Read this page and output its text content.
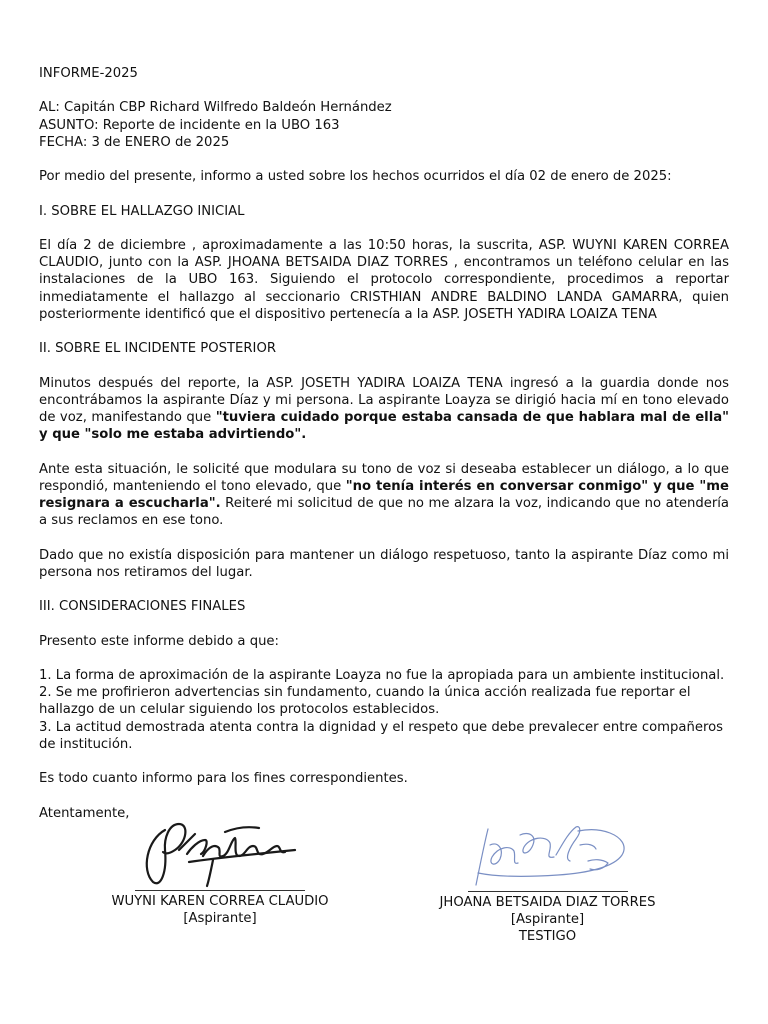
INFORME-2025

AL: Capitán CBP Richard Wilfredo Baldeón Hernández

ASUNTO: Reporte de incidente en la UBO 163

FECHA: 3 de ENERO de 2025

Por medio del presente, informo a usted sobre los hechos ocurridos el día 02 de enero de 2025:

I. SOBRE EL HALLAZGO INICIAL

El día 2 de diciembre , aproximadamente a las 10:50 horas, la suscrita, ASP. WUYNI KAREN CORREA CLAUDIO, junto con la ASP. JHOANA BETSAIDA DIAZ TORRES , encontramos un teléfono celular en las instalaciones de la UBO 163. Siguiendo el protocolo correspondiente, procedimos a reportar inmediatamente el hallazgo al seccionario CRISTHIAN ANDRE BALDINO LANDA GAMARRA, quien posteriormente identificó que el dispositivo pertenecía a la ASP. JOSETH YADIRA LOAIZA TENA

II. SOBRE EL INCIDENTE POSTERIOR

Minutos después del reporte, la ASP. JOSETH YADIRA LOAIZA TENA ingresó a la guardia donde nos encontrábamos la aspirante Díaz y mi persona. La aspirante Loayza se dirigió hacia mí en tono elevado de voz, manifestando que "tuviera cuidado porque estaba cansada de que hablara mal de ella" y que "solo me estaba advirtiendo".

Ante esta situación, le solicité que modulara su tono de voz si deseaba establecer un diálogo, a lo que respondió, manteniendo el tono elevado, que "no tenía interés en conversar conmigo" y que "me resignara a escucharla". Reiteré mi solicitud de que no me alzara la voz, indicando que no atendería a sus reclamos en ese tono.

Dado que no existía disposición para mantener un diálogo respetuoso, tanto la aspirante Díaz como mi persona nos retiramos del lugar.

III. CONSIDERACIONES FINALES

Presento este informe debido a que:

1. La forma de aproximación de la aspirante Loayza no fue la apropiada para un ambiente institucional.

2. Se me profirieron advertencias sin fundamento, cuando la única acción realizada fue reportar el hallazgo de un celular siguiendo los protocolos establecidos.

3. La actitud demostrada atenta contra la dignidad y el respeto que debe prevalecer entre compañeros de institución.

Es todo cuanto informo para los fines correspondientes.

Atentamente,

WUYNI KAREN CORREA CLAUDIO
[Aspirante]
JHOANA BETSAIDA DIAZ TORRES
[Aspirante]
TESTIGO
